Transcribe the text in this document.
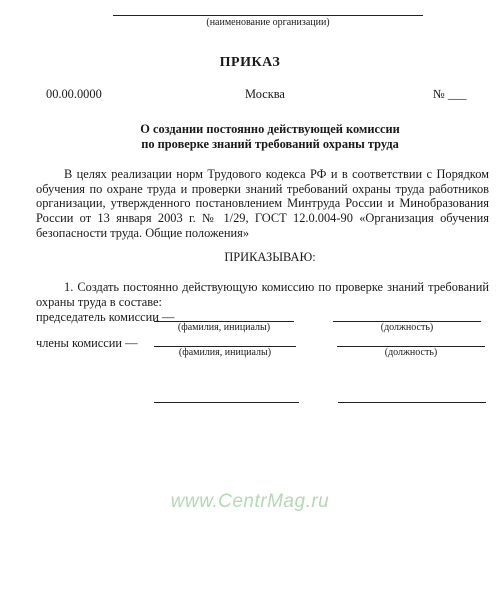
(наименование организации)
ПРИКАЗ
00.00.0000	Москва	№ ___
О создании постоянно действующей комиссии
по проверке знаний требований охраны труда
В целях реализации норм Трудового кодекса РФ и в соответствии с Порядком обучения по охране труда и проверки знаний требований охраны труда работников организации, утвержденного постановлением Минтруда России и Минобразования России от 13 января 2003 г. № 1/29, ГОСТ 12.0.004-90 «Организация обучения безопасности труда. Общие положения»
ПРИКАЗЫВАЮ:
1. Создать постоянно действующую комиссию по проверке знаний требований охраны труда в составе:
председатель комиссии —
(фамилия, инициалы)	(должность)
члены комиссии —
(фамилия, инициалы)	(должность)
www.CentrMag.ru
